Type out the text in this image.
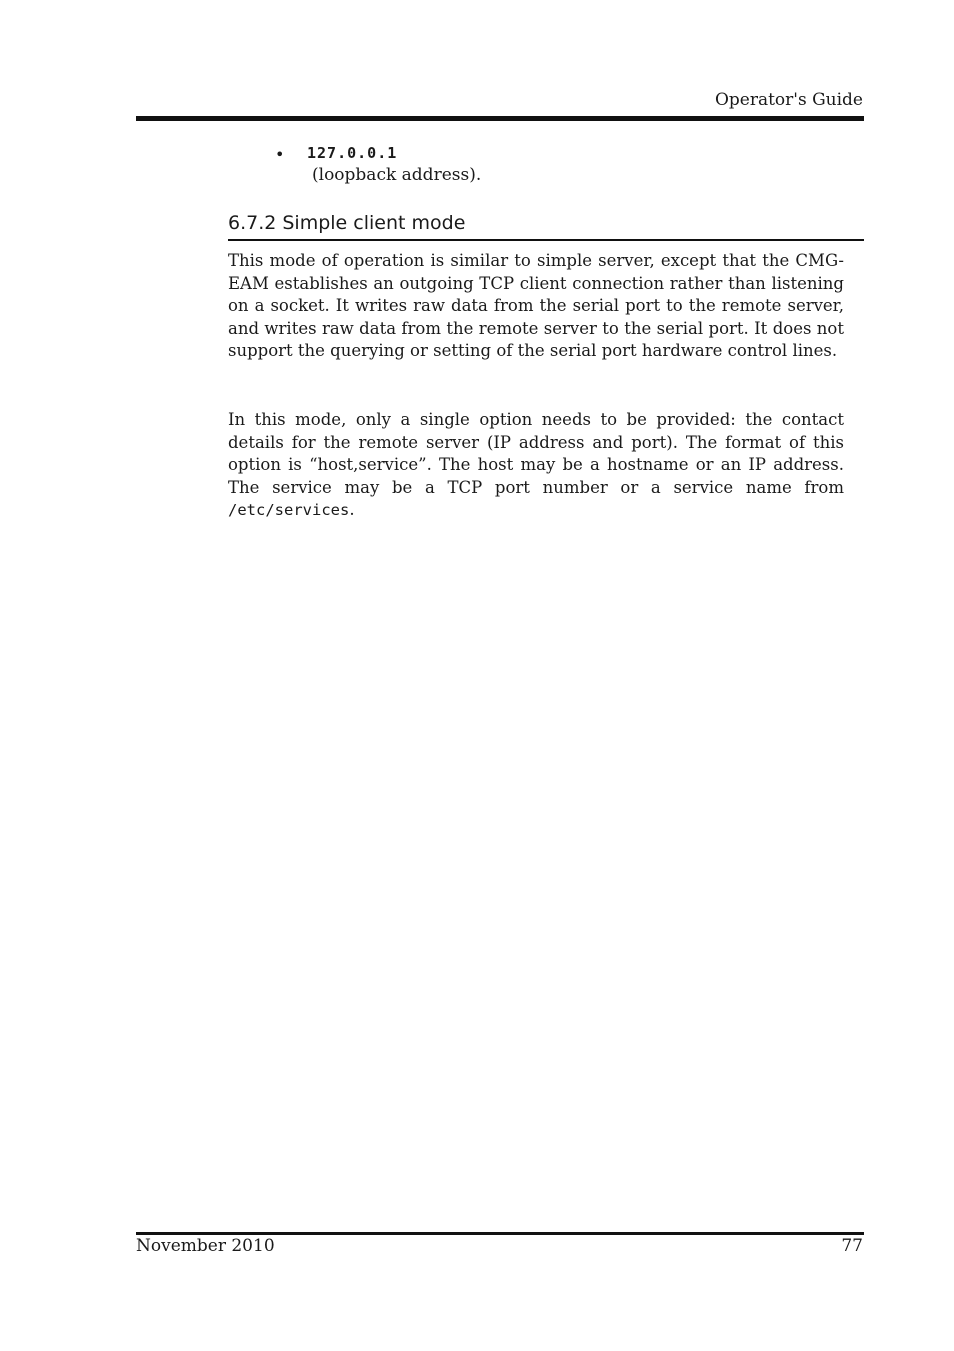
Operator's Guide
• 127.0.0.1
(loopback address).
6.7.2 Simple client mode

This mode of operation is similar to simple server, except that the CMG-EAM establishes an outgoing TCP client connection rather than listening on a socket. It writes raw data from the serial port to the remote server, and writes raw data from the remote server to the serial port. It does not support the querying or setting of the serial port hardware control lines.

In this mode, only a single option needs to be provided: the contact details for the remote server (IP address and port). The format of this option is “host,service”. The host may be a hostname or an IP address. The service may be a TCP port number or a service name from /etc/services.

November 2010	77
